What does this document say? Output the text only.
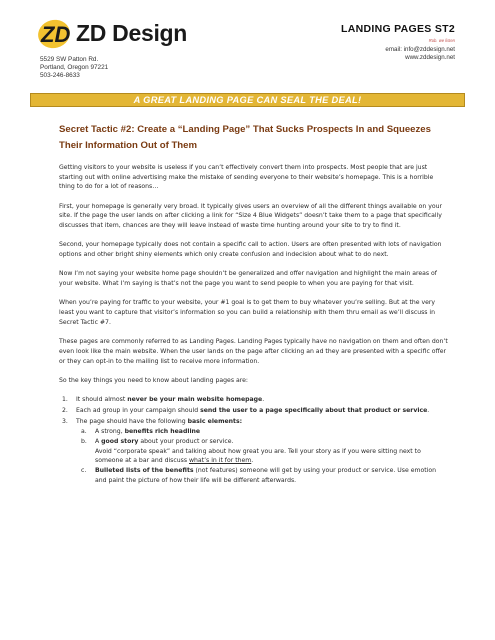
ZD ZD Design
5529 SW Patton Rd.
Portland, Oregon 97221
503-246-8633
LANDING PAGES ST2
Rob. we listen
email: info@zddesign.net
www.zddesign.net
A GREAT LANDING PAGE CAN SEAL THE DEAL!
Secret Tactic #2: Create a “Landing Page” That Sucks Prospects In and Squeezes Their Information Out of Them

Getting visitors to your website is useless if you can’t effectively convert them into prospects. Most people that are just starting out with online advertising make the mistake of sending everyone to their website’s homepage. This is a horrible thing to do for a lot of reasons…

First, your homepage is generally very broad. It typically gives users an overview of all the different things available on your site. If the page the user lands on after clicking a link for “Size 4 Blue Widgets” doesn’t take them to a page that specifically discusses that item, chances are they will leave instead of waste time hunting around your site to try to find it.

Second, your homepage typically does not contain a specific call to action. Users are often presented with lots of navigation options and other bright shiny elements which only create confusion and indecision about what to do next.

Now I’m not saying your website home page shouldn’t be generalized and offer navigation and highlight the main areas of your website. What I’m saying is that’s not the page you want to send people to when you are paying for that visit.

When you’re paying for traffic to your website, your #1 goal is to get them to buy whatever you’re selling. But at the very least you want to capture that visitor’s information so you can build a relationship with them thru email as we’ll discuss in Secret Tactic #7.

These pages are commonly referred to as Landing Pages. Landing Pages typically have no navigation on them and often don’t even look like the main website. When the user lands on the page after clicking an ad they are presented with a specific offer or they can opt-in to the mailing list to receive more information.

So the key things you need to know about landing pages are:

1. It should almost never be your main website homepage.
2. Each ad group in your campaign should send the user to a page specifically about that product or service.
3. The page should have the following basic elements:
a. A strong, benefits rich headline
b. A good story about your product or service.
Avoid “corporate speak” and talking about how great you are. Tell your story as if you were sitting next to someone at a bar and discuss what’s in it for them.
c. Bulleted lists of the benefits (not features) someone will get by using your product or service. Use emotion and paint the picture of how their life will be different afterwards.
